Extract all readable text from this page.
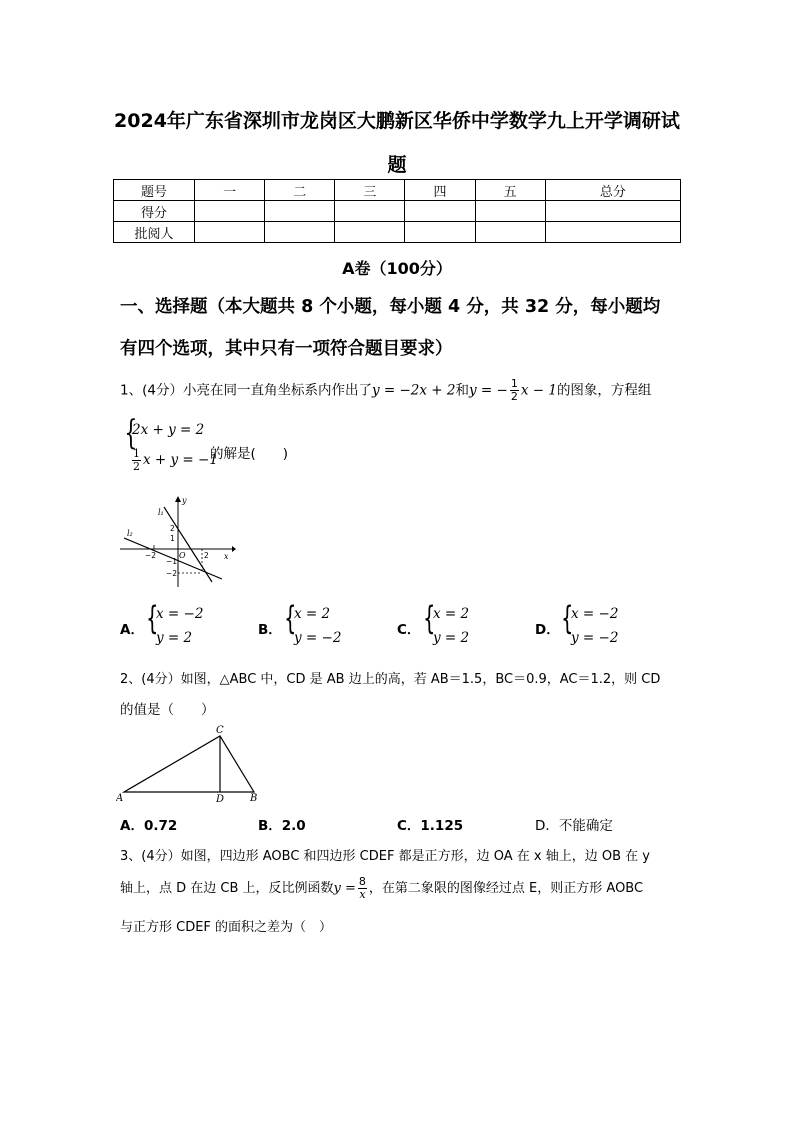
2024年广东省深圳市龙岗区大鹏新区华侨中学数学九上开学调研试
题
题号	一	二	三	四	五	总分
得分						
批阅人						
A卷（100分）
一、选择题（本大题共 8 个小题，每小题 4 分，共 32 分，每小题均
有四个选项，其中只有一项符合题目要求）
1、(4分）小亮在同一直角坐标系内作出了y = −2x + 2和y = − $\frac{1}{2}$ x − 1的图象，方程组
{
2x + y = 2
$\frac{1}{2}$ x + y = −1
的解是(　　)
y
x
l₁
l₂
O
2
1
−1
−2
−2	2
A． {
x = −2
y = 2	B． {
x = 2
y = −2	C． {
x = 2
y = 2	D． {
x = −2
y = −2
2、(4分）如图，△ABC 中，CD 是 AB 边上的高，若 AB＝1.5，BC＝0.9，AC＝1.2，则 CD
的值是（　　）
A	B
C
D
A．0.72	B．2.0	C．1.125	D．不能确定
3、(4分）如图，四边形 AOBC 和四边形 CDEF 都是正方形，边 OA 在 x 轴上，边 OB 在 y
轴上，点 D 在边 CB 上，反比例函数$y = \frac{8}{x}$ ，在第二象限的图像经过点 E，则正方形 AOBC
与正方形 CDEF 的面积之差为（　）
